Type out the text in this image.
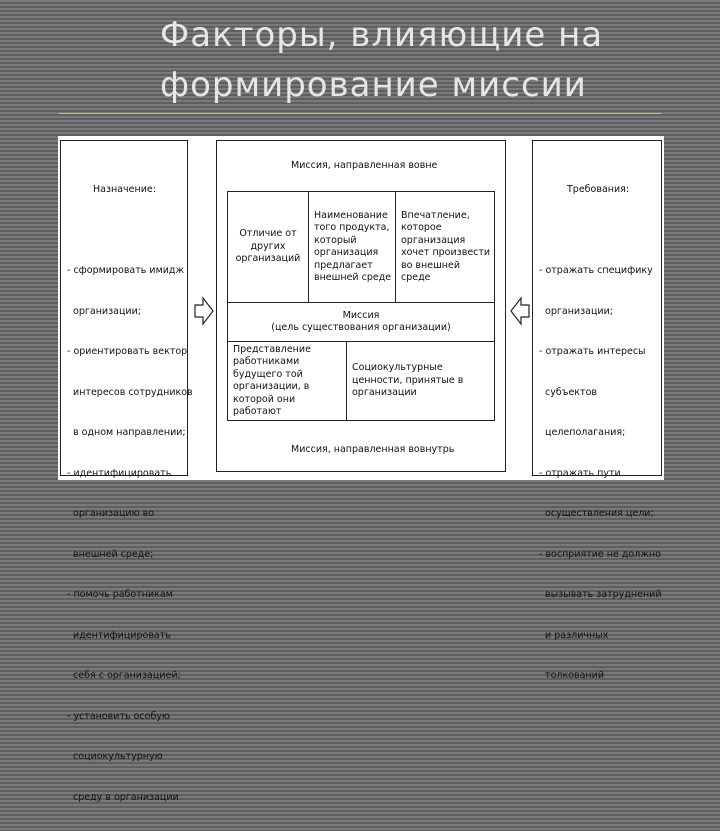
Факторы, влияющие на
формирование миссии
Назначение:

- сформировать имидж

организации;

- ориентировать вектор

интересов сотрудников

в одном направлении;

- идентифицировать

организацию во

внешней среде;

- помочь работникам

идентифицировать

себя с организацией;

- установить особую

социокультурную

среду в организации

Миссия, направленная вовне
Отличие от других организаций
Наименование того продукта, который организация предлагает внешней среде
Впечатление, которое организация хочет произвести во внешней среде
Миссия
(цель существования организации)
Представление работниками будущего той организации, в которой они работают
Социокультурные ценности, принятые в организации
Миссия, направленная вовнутрь
Требования:

- отражать специфику

организации;

- отражать интересы

субъектов

целеполагания;

- отражать пути

осуществления цели;

- восприятие не должно

вызывать затруднений

и различных

толкований
